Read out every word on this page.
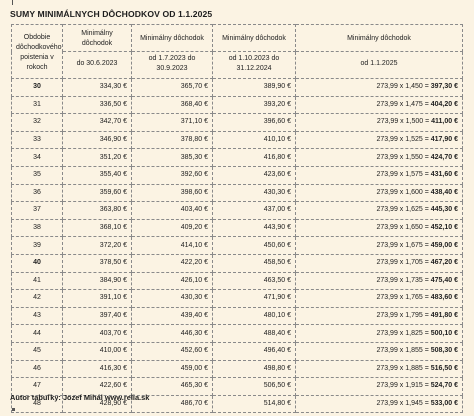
SUMY MINIMÁLNYCH DÔCHODKOV OD 1.1.2025
Obdobie
dôchodkového
poistenia v rokoch	Minimálny dôchodok	Minimálny dôchodok	Minimálny dôchodok	Minimálny dôchodok
	do 30.6.2023	od 1.7.2023 do 30.9.2023	od 1.10.2023 do 31.12.2024	od 1.1.2025
30	334,30 €	365,70 €	389,90 €	273,99 x 1,450 = 397,30 €
31	336,50 €	368,40 €	393,20 €	273,99 x 1,475 = 404,20 €
32	342,70 €	371,10 €	396,60 €	273,99 x 1,500 = 411,00 €
33	346,90 €	378,80 €	410,10 €	273,99 x 1,525 = 417,90 €
34	351,20 €	385,30 €	416,80 €	273,99 x 1,550 = 424,70 €
35	355,40 €	392,60 €	423,60 €	273,99 x 1,575 = 431,60 €
36	359,60 €	398,60 €	430,30 €	273,99 x 1,600 = 438,40 €
37	363,80 €	403,40 €	437,00 €	273,99 x 1,625 = 445,30 €
38	368,10 €	409,20 €	443,90 €	273,99 x 1,650 = 452,10 €
39	372,20 €	414,10 €	450,60 €	273,99 x 1,675 = 459,00 €
40	378,50 €	422,20 €	458,50 €	273,99 x 1,705 = 467,20 €
41	384,90 €	426,10 €	463,50 €	273,99 x 1,735 = 475,40 €
42	391,10 €	430,30 €	471,90 €	273,99 x 1,765 = 483,60 €
43	397,40 €	439,40 €	480,10 €	273,99 x 1,795 = 491,80 €
44	403,70 €	446,30 €	488,40 €	273,99 x 1,825 = 500,10 €
45	410,00 €	452,60 €	496,40 €	273,99 x 1,855 = 508,30 €
46	416,30 €	459,00 €	498,80 €	273,99 x 1,885 = 516,50 €
47	422,60 €	465,30 €	506,50 €	273,99 x 1,915 = 524,70 €
48	428,90 €	486,70 €	514,80 €	273,99 x 1,945 = 533,00 €
Autor tabuľky: Jozef Mihál www.relia.sk
